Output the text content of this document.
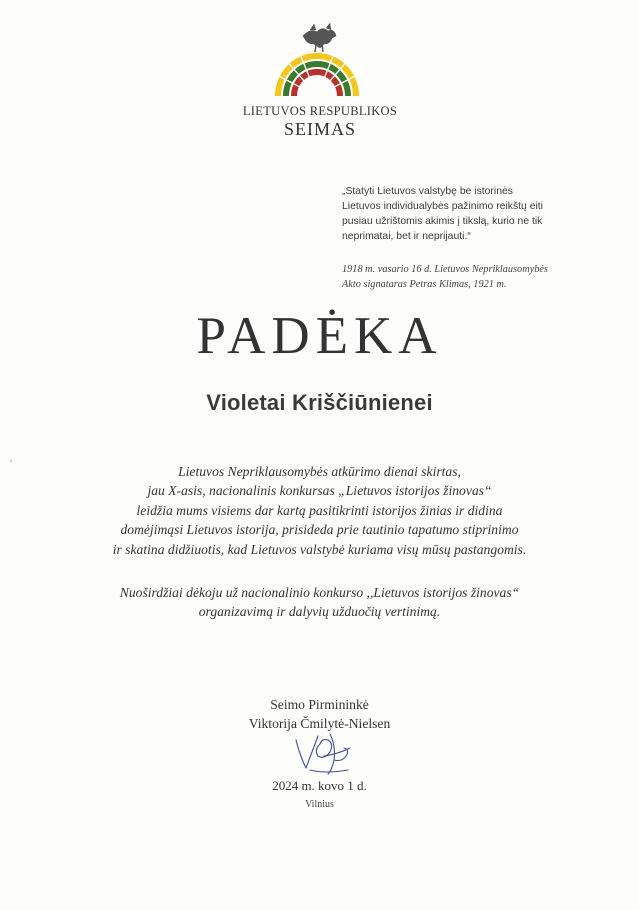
LIETUVOS RESPUBLIKOS
SEIMAS

„Statyti Lietuvos valstybę be istorinės

Lietuvos individualybės pažinimo reikštų eiti

pusiau užrištomis akimis į tikslą, kurio ne tik

neprimatai, bet ir neprijauti.“

1918 m. vasario 16 d. Lietuvos Nepriklausomybės

Akto signataras Petras Klimas, 1921 m.

PADĖKA
Violetai Kriščiūnienei

Lietuvos Nepriklausomybės atkūrimo dienai skirtas,

jau X-asis, nacionalinis konkursas „Lietuvos istorijos žinovas“

leidžia mums visiems dar kartą pasitikrinti istorijos žinias ir didina

domėjimąsi Lietuvos istorija, prisideda prie tautinio tapatumo stiprinimo

ir skatina didžiuotis, kad Lietuvos valstybė kuriama visų mūsų pastangomis.

Nuoširdžiai dėkoju už nacionalinio konkurso ,,Lietuvos istorijos žinovas“

organizavimą ir dalyvių užduočių vertinimą.

Seimo Pirmininkė
Viktorija Čmilytė-Nielsen
2024 m. kovo 1 d.
Vilnius
